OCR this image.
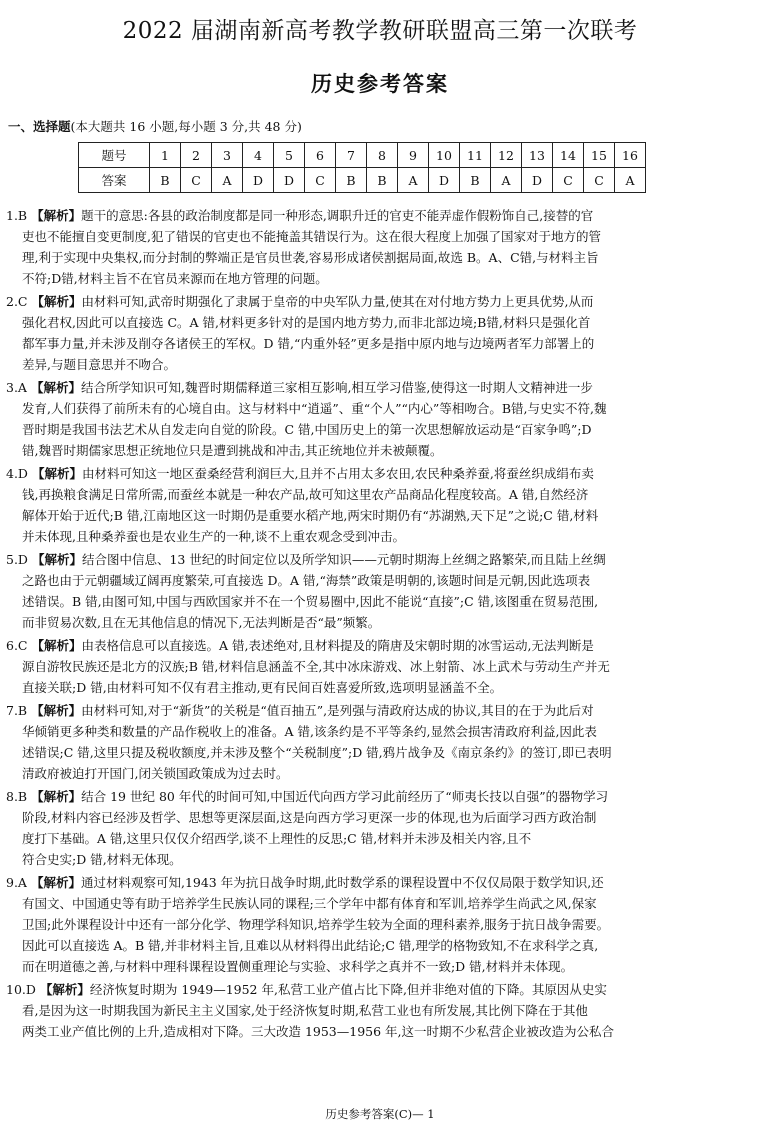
2022 届湖南新高考教学教研联盟高三第一次联考
历史参考答案
一、选择题(本大题共 16 小题,每小题 3 分,共 48 分)
题号	1	2	3	4	5	6	7	8	9	10	11	12	13	14	15	16
答案	B	C	A	D	D	C	B	B	A	D	B	A	D	C	C	A
1.B 【解析】题干的意思:各县的政治制度都是同一种形态,调职升迁的官吏不能弄虚作假粉饰自己,接替的官
吏也不能擅自变更制度,犯了错误的官吏也不能掩盖其错误行为。这在很大程度上加强了国家对于地方的管
理,利于实现中央集权,而分封制的弊端正是官员世袭,容易形成诸侯割据局面,故选 B。A、C错,与材料主旨
不符;D错,材料主旨不在官员来源而在地方管理的问题。
2.C 【解析】由材料可知,武帝时期强化了隶属于皇帝的中央军队力量,使其在对付地方势力上更具优势,从而
强化君权,因此可以直接选 C。A 错,材料更多针对的是国内地方势力,而非北部边境;B错,材料只是强化首
都军事力量,并未涉及削夺各诸侯王的军权。D 错,“内重外轻”更多是指中原内地与边境两者军力部署上的
差异,与题目意思并不吻合。
3.A 【解析】结合所学知识可知,魏晋时期儒释道三家相互影响,相互学习借鉴,使得这一时期人文精神进一步
发育,人们获得了前所未有的心境自由。这与材料中“逍遥”、重“个人”“内心”等相吻合。B错,与史实不符,魏
晋时期是我国书法艺术从自发走向自觉的阶段。C 错,中国历史上的第一次思想解放运动是“百家争鸣”;D
错,魏晋时期儒家思想正统地位只是遭到挑战和冲击,其正统地位并未被颠覆。
4.D 【解析】由材料可知这一地区蚕桑经营利润巨大,且并不占用太多农田,农民种桑养蚕,将蚕丝织成绢布卖
钱,再换粮食满足日常所需,而蚕丝本就是一种农产品,故可知这里农产品商品化程度较高。A 错,自然经济
解体开始于近代;B 错,江南地区这一时期仍是重要水稻产地,两宋时期仍有“苏湖熟,天下足”之说;C 错,材料
并未体现,且种桑养蚕也是农业生产的一种,谈不上重农观念受到冲击。
5.D 【解析】结合图中信息、13 世纪的时间定位以及所学知识——元朝时期海上丝绸之路繁荣,而且陆上丝绸
之路也由于元朝疆域辽阔再度繁荣,可直接选 D。A 错,“海禁”政策是明朝的,该题时间是元朝,因此选项表
述错误。B 错,由图可知,中国与西欧国家并不在一个贸易圈中,因此不能说“直接”;C 错,该图重在贸易范围,
而非贸易次数,且在无其他信息的情况下,无法判断是否“最”频繁。
6.C 【解析】由表格信息可以直接选。A 错,表述绝对,且材料提及的隋唐及宋朝时期的冰雪运动,无法判断是
源自游牧民族还是北方的汉族;B 错,材料信息涵盖不全,其中冰床游戏、冰上射箭、冰上武术与劳动生产并无
直接关联;D 错,由材料可知不仅有君主推动,更有民间百姓喜爱所致,选项明显涵盖不全。
7.B 【解析】由材料可知,对于“新货”的关税是“值百抽五”,是列强与清政府达成的协议,其目的在于为此后对
华倾销更多种类和数量的产品作税收上的准备。A 错,该条约是不平等条约,显然会损害清政府利益,因此表
述错误;C 错,这里只提及税收额度,并未涉及整个“关税制度”;D 错,鸦片战争及《南京条约》的签订,即已表明
清政府被迫打开国门,闭关锁国政策成为过去时。
8.B 【解析】结合 19 世纪 80 年代的时间可知,中国近代向西方学习此前经历了“师夷长技以自强”的器物学习
阶段,材料内容已经涉及哲学、思想等更深层面,这是向西方学习更深一步的体现,也为后面学习西方政治制
度打下基础。A 错,这里只仅仅介绍西学,谈不上理性的反思;C 错,材料并未涉及相关内容,且不
符合史实;D 错,材料无体现。
9.A 【解析】通过材料观察可知,1943 年为抗日战争时期,此时数学系的课程设置中不仅仅局限于数学知识,还
有国文、中国通史等有助于培养学生民族认同的课程;三个学年中都有体育和军训,培养学生尚武之风,保家
卫国;此外课程设计中还有一部分化学、物理学科知识,培养学生较为全面的理科素养,服务于抗日战争需要。
因此可以直接选 A。B 错,并非材料主旨,且难以从材料得出此结论;C 错,理学的格物致知,不在求科学之真,
而在明道德之善,与材料中理科课程设置侧重理论与实验、求科学之真并不一致;D 错,材料并未体现。
10.D 【解析】经济恢复时期为 1949—1952 年,私营工业产值占比下降,但并非绝对值的下降。其原因从史实
看,是因为这一时期我国为新民主主义国家,处于经济恢复时期,私营工业也有所发展,其比例下降在于其他
两类工业产值比例的上升,造成相对下降。三大改造 1953—1956 年,这一时期不少私营企业被改造为公私合
历史参考答案(C)— 1
